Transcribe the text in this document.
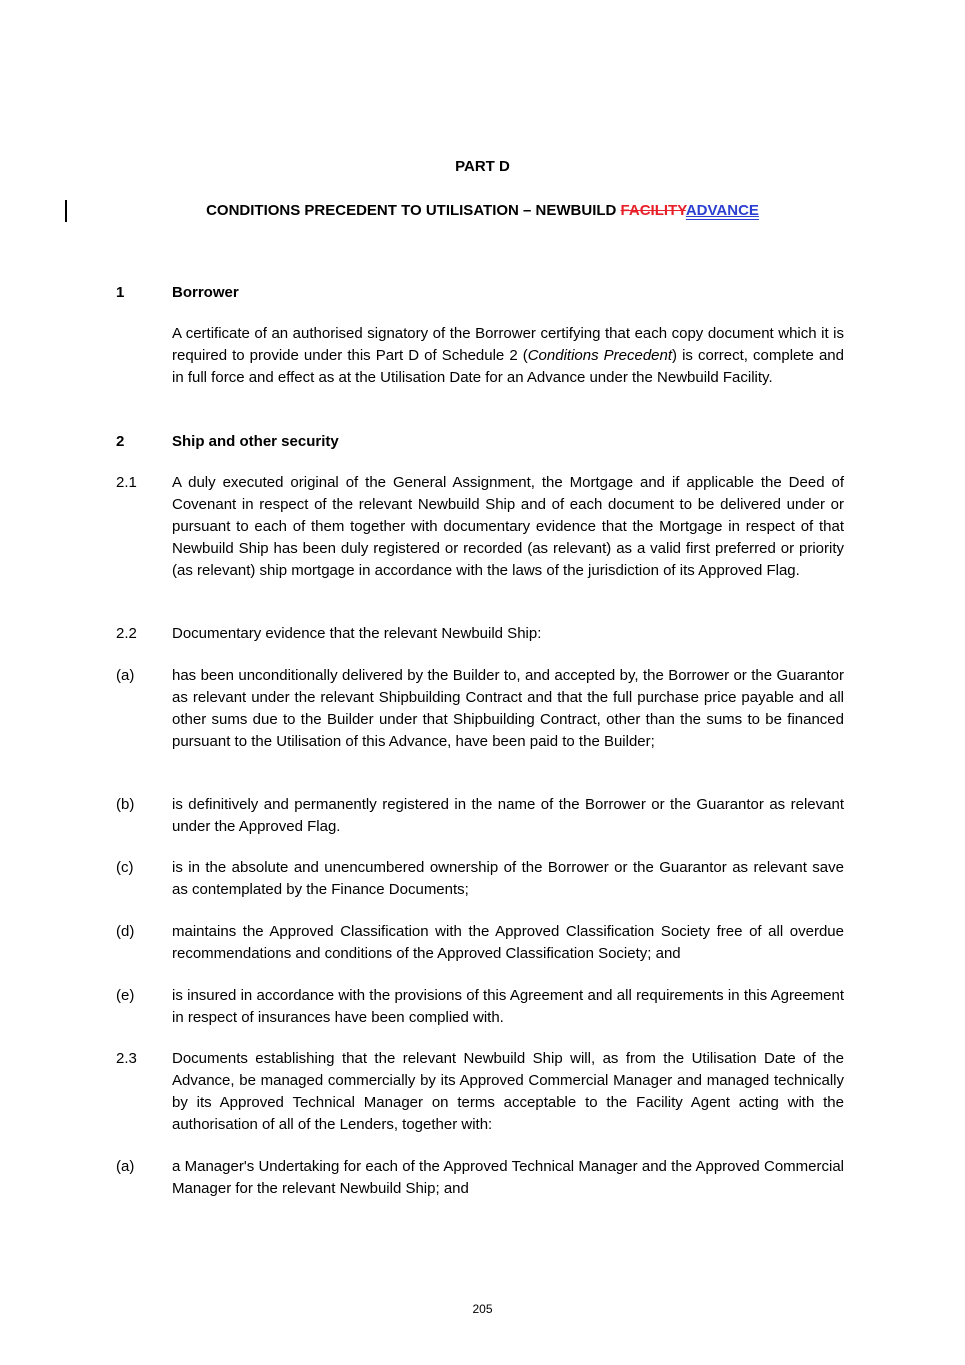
PART D
CONDITIONS PRECEDENT TO UTILISATION – NEWBUILD FACILITYADVANCE
1	Borrower
A certificate of an authorised signatory of the Borrower certifying that each copy document which it is required to provide under this Part D of Schedule 2 (Conditions Precedent) is correct, complete and in full force and effect as at the Utilisation Date for an Advance under the Newbuild Facility.
2	Ship and other security
2.1 A duly executed original of the General Assignment, the Mortgage and if applicable the Deed of Covenant in respect of the relevant Newbuild Ship and of each document to be delivered under or pursuant to each of them together with documentary evidence that the Mortgage in respect of that Newbuild Ship has been duly registered or recorded (as relevant) as a valid first preferred or priority (as relevant) ship mortgage in accordance with the laws of the jurisdiction of its Approved Flag.
2.2 Documentary evidence that the relevant Newbuild Ship:
(a)	has been unconditionally delivered by the Builder to, and accepted by, the Borrower or the Guarantor as relevant under the relevant Shipbuilding Contract and that the full purchase price payable and all other sums due to the Builder under that Shipbuilding Contract, other than the sums to be financed pursuant to the Utilisation of this Advance, have been paid to the Builder;
(b)	is definitively and permanently registered in the name of the Borrower or the Guarantor as relevant under the Approved Flag.
(c)	is in the absolute and unencumbered ownership of the Borrower or the Guarantor as relevant save as contemplated by the Finance Documents;
(d)	maintains the Approved Classification with the Approved Classification Society free of all overdue recommendations and conditions of the Approved Classification Society; and
(e)	is insured in accordance with the provisions of this Agreement and all requirements in this Agreement in respect of insurances have been complied with.
2.3 Documents establishing that the relevant Newbuild Ship will, as from the Utilisation Date of the Advance, be managed commercially by its Approved Commercial Manager and managed technically by its Approved Technical Manager on terms acceptable to the Facility Agent acting with the authorisation of all of the Lenders, together with:
(a)	a Manager's Undertaking for each of the Approved Technical Manager and the Approved Commercial Manager for the relevant Newbuild Ship; and
205
